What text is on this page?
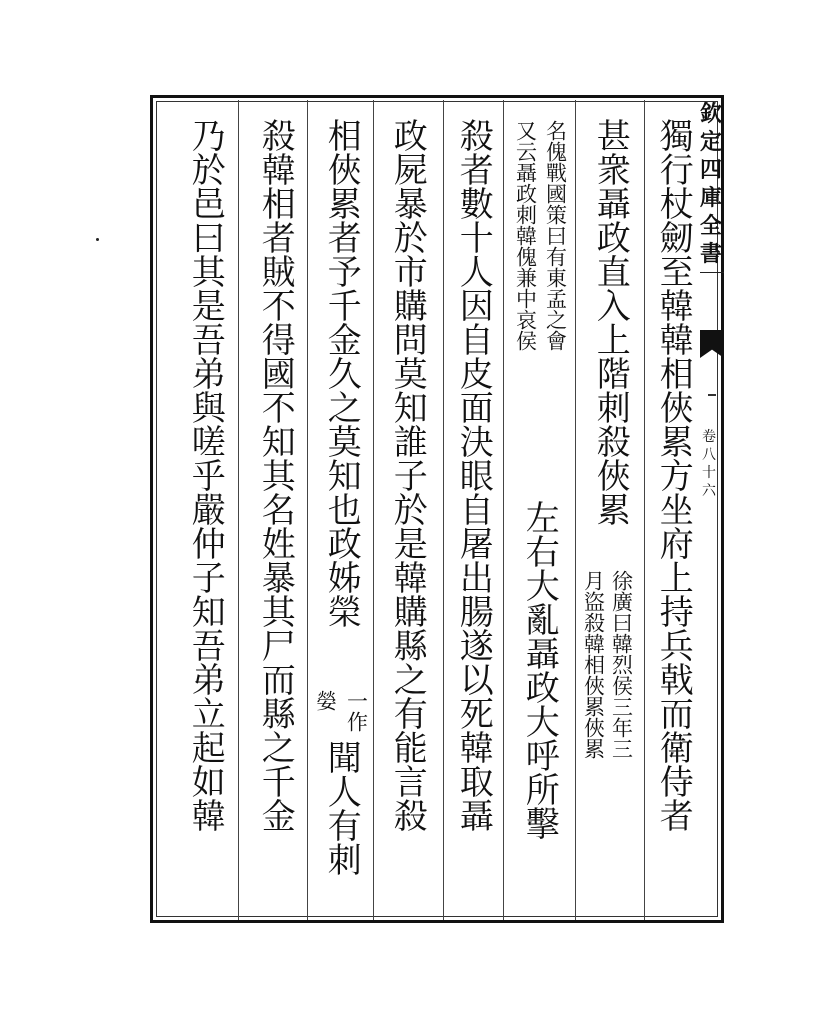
欽定四庫全書
卷八十六
獨行杖劒至韓韓相俠累方坐府上持兵戟而衛侍者
甚衆聶政直入上階刺殺俠累
徐廣曰韓烈侯三年三
月盜殺韓相俠累俠累
名傀戰國策曰有東孟之會
又云聶政刺韓傀兼中哀侯
左右大亂聶政大呼所擊
殺者數十人因自皮面決眼自屠出腸遂以死韓取聶
政屍暴於市購問莫知誰子於是韓購縣之有能言殺
相俠累者予千金久之莫知也政姊榮
一作
嫈
聞人有刺
殺韓相者賊不得國不知其名姓暴其尸而縣之千金
乃於邑曰其是吾弟與嗟乎嚴仲子知吾弟立起如韓
